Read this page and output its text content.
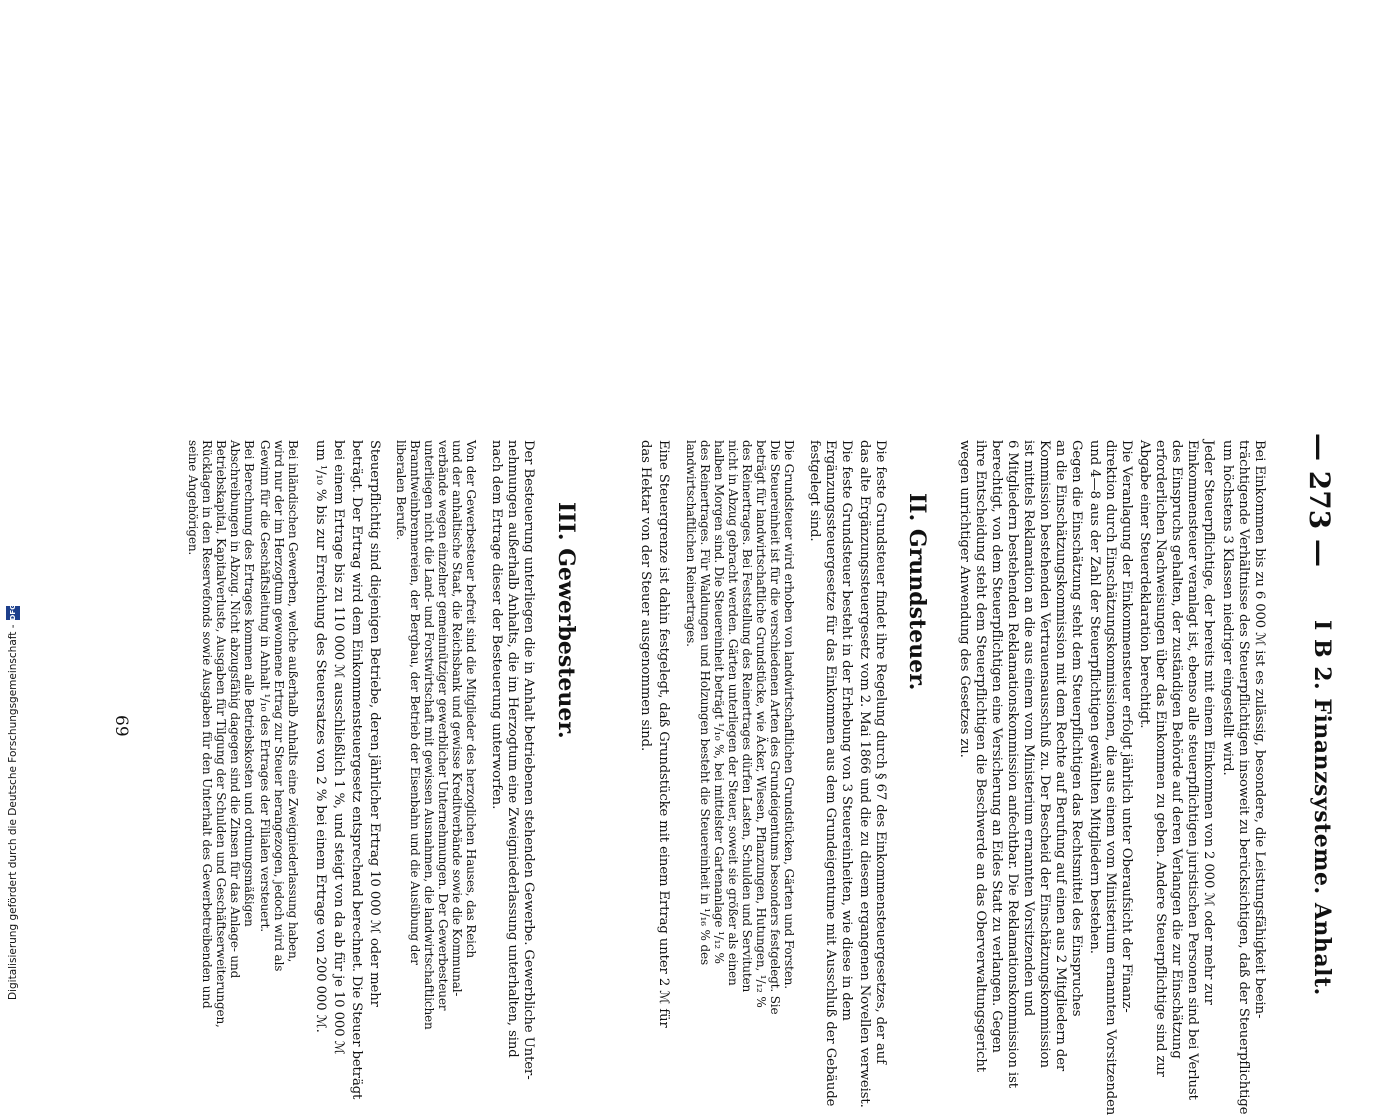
— 273 —
I B 2. Finanzsysteme. Anhalt.
Bei Einkommen bis zu 6 000 ℳ ist es zulässig, besondere, die Leistungsfähigkeit beein-
trächtigende Verhältnisse des Steuerpflichtigen insoweit zu berücksichtigen, daß der Steuerpflichtige
um höchstens 3 Klassen niedriger eingestellt wird.
Jeder Steuerpflichtige, der bereits mit einem Einkommen von 2 000 ℳ oder mehr zur
Einkommensteuer veranlagt ist, ebenso alle steuerpflichtigen juristischen Personen sind bei Verlust
des Einspruchs gehalten, der zuständigen Behörde auf deren Verlangen die zur Einschätzung
erforderlichen Nachweisungen über das Einkommen zu geben. Andere Steuerpflichtige sind zur
Abgabe einer Steuerdeklaration berechtigt.
Die Veranlagung der Einkommensteuer erfolgt jährlich unter Oberaufsicht der Finanz-
direktion durch Einschätzungskommissionen, die aus einem vom Ministerium ernannten Vorsitzenden
und 4—8 aus der Zahl der Steuerpflichtigen gewählten Mitgliedern bestehen.
Gegen die Einschätzung steht dem Steuerpflichtigen das Rechtsmittel des Einspruches
an die Einschätzungskommission mit dem Rechte auf Berufung auf einen aus 2 Mitgliedern der
Kommission bestehenden Vertrauensausschuß zu. Der Bescheid der Einschätzungskommission
ist mittels Reklamation an die aus einem vom Ministerium ernannten Vorsitzenden und
6 Mitgliedern bestehenden Reklamationskommission anfechtbar. Die Reklamationskommission ist
berechtigt, von dem Steuerpflichtigen eine Versicherung an Eides Statt zu verlangen. Gegen
ihre Entscheidung steht dem Steuerpflichtigen die Beschwerde an das Oberverwaltungsgericht
wegen unrichtiger Anwendung des Gesetzes zu.
II. Grundsteuer.
Die feste Grundsteuer findet ihre Regelung durch § 67 des Einkommensteuergesetzes, der auf
das alte Ergänzungssteuergesetz vom 2. Mai 1866 und die zu diesem ergangenen Novellen verweist.
Die feste Grundsteuer besteht in der Erhebung von 3 Steuereinheiten, wie diese in dem
Ergänzungssteuergesetze für das Einkommen aus dem Grundeigentume mit Ausschluß der Gebäude
festgelegt sind.
Die Grundsteuer wird erhoben von landwirtschaftlichen Grundstücken, Gärten und Forsten.
Die Steuereinheit ist für die verschiedenen Arten des Grundeigentums besonders festgelegt. Sie
beträgt für landwirtschaftliche Grundstücke, wie Äcker, Wiesen, Pflanzungen, Hutungen, ¹/₁₂ %
des Reinertrages. Bei Feststellung des Reinertrages dürfen Lasten, Schulden und Servituten
nicht in Abzug gebracht werden. Gärten unterliegen der Steuer, soweit sie größer als einen
halben Morgen sind. Die Steuereinheit beträgt ¹/₁₀ %, bei mittelster Gartenanlage ¹/₁₂ %
des Reinertrages. Für Waldungen und Holzungen besteht die Steuereinheit in ¹/₁₆ % des
landwirtschaftlichen Reinertrages.
Eine Steuergrenze ist dahin festgelegt, daß Grundstücke mit einem Ertrag unter 2 ℳ für
das Hektar von der Steuer ausgenommen sind.
III. Gewerbesteuer.
Der Besteuerung unterliegen die in Anhalt betriebenen stehenden Gewerbe. Gewerbliche Unter-
nehmungen außerhalb Anhalts, die im Herzogtum eine Zweigniederlassung unterhalten, sind
nach dem Ertrage dieser der Besteuerung unterworfen.
Von der Gewerbesteuer befreit sind die Mitglieder des herzoglichen Hauses, das Reich
und der anhaltische Staat, die Reichsbank und gewisse Kreditverbände sowie die Kommunal-
verbände wegen einzelner gemeinnütziger gewerblicher Unternehmungen. Der Gewerbesteuer
unterliegen nicht die Land- und Forstwirtschaft mit gewissen Ausnahmen, die landwirtschaftlichen
Branntweinbrennereien, der Bergbau, der Betrieb der Eisenbahn und die Ausübung der
liberalen Berufe.
Steuerpflichtig sind diejenigen Betriebe, deren jährlicher Ertrag 10 000 ℳ oder mehr
beträgt. Der Ertrag wird dem Einkommensteuergesetz entsprechend berechnet. Die Steuer beträgt
bei einem Ertrage bis zu 110 000 ℳ ausschließlich 1 %, und steigt von da ab für je 10 000 ℳ
um ¹/₁₀ % bis zur Erreichung des Steuersatzes von 2 % bei einem Ertrage von 200 000 ℳ.
Bei inländischen Gewerben, welche außerhalb Anhalts eine Zweigniederlassung haben,
wird nur der im Herzogtum gewonnene Ertrag zur Steuer herangezogen, jedoch wird als
Gewinn für die Geschäftsleitung in Anhalt ¹/₁₀ des Ertrages der Filialen versteuert.
Bei Berechnung des Ertrages kommen alle Betriebskosten und ordnungsmäßigen
Abschreibungen in Abzug. Nicht abzugsfähig dagegen sind die Zinsen für das Anlage- und
Betriebskapital, Kapitalverluste, Ausgaben für Tilgung der Schulden und Geschäftserweiterungen,
Rücklagen in den Reservefonds sowie Ausgaben für den Unterhalt des Gewerbetreibenden und
seine Angehörigen.
69
Digitalisierung gefördert durch die Deutsche Forschungsgemeinschaft -
DFG
